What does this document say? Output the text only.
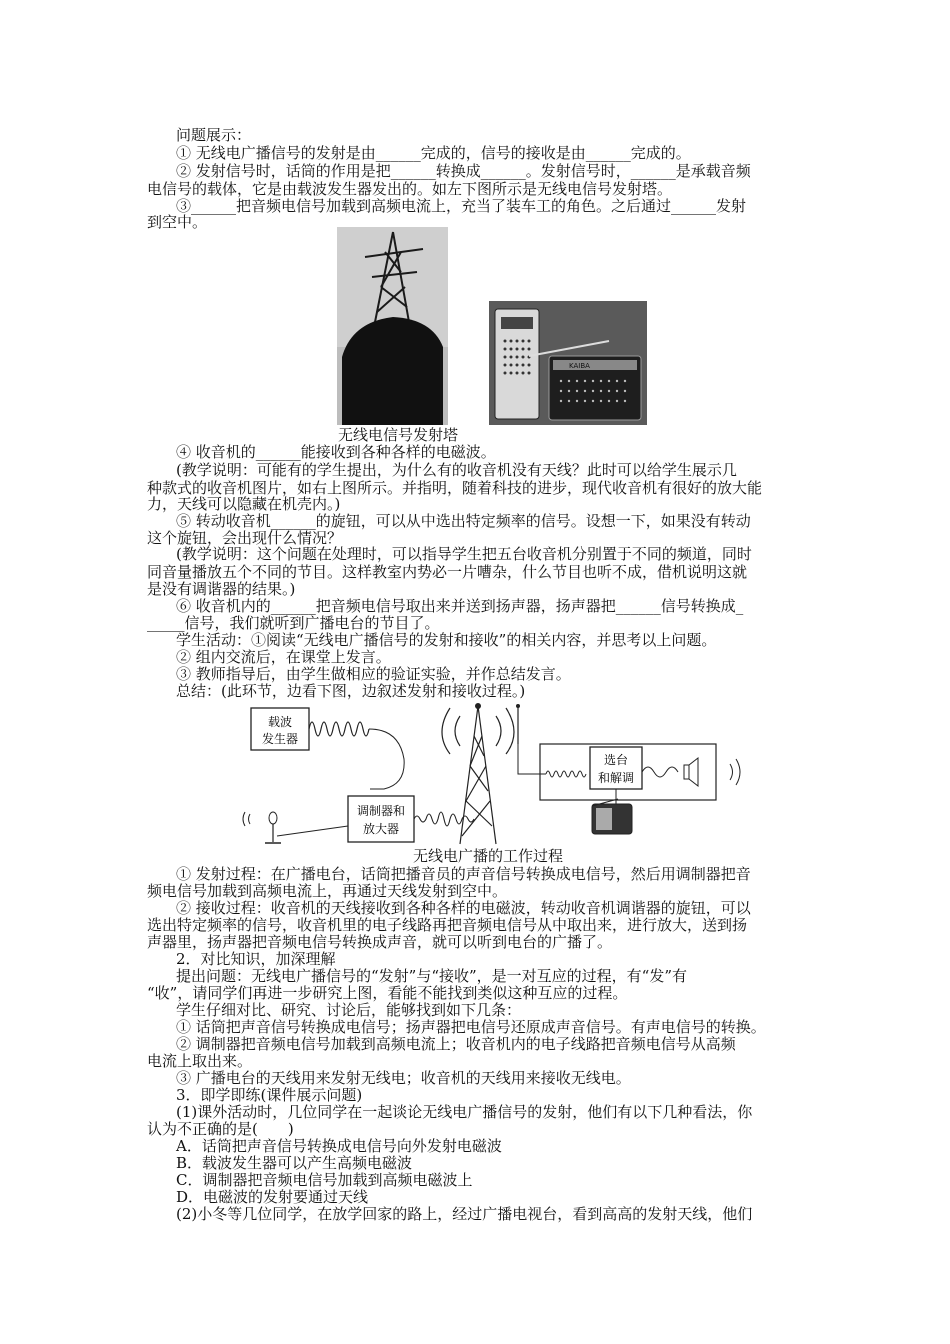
问题展示：
① 无线电广播信号的发射是由______完成的，信号的接收是由______完成的。
② 发射信号时，话筒的作用是把______转换成______。发射信号时，______是承载音频
电信号的载体，它是由载波发生器发出的。如左下图所示是无线电信号发射塔。
③______把音频电信号加载到高频电流上，充当了装车工的角色。之后通过______发射
到空中。
无线电信号发射塔
KAIBA
④ 收音机的______能接收到各种各样的电磁波。
(教学说明：可能有的学生提出，为什么有的收音机没有天线？此时可以给学生展示几
种款式的收音机图片，如右上图所示。并指明，随着科技的进步，现代收音机有很好的放大能
力，天线可以隐藏在机壳内。)
⑤ 转动收音机______的旋钮，可以从中选出特定频率的信号。设想一下，如果没有转动
这个旋钮，会出现什么情况？
(教学说明：这个问题在处理时，可以指导学生把五台收音机分别置于不同的频道，同时
同音量播放五个不同的节目。这样教室内势必一片嘈杂，什么节目也听不成，借机说明这就
是没有调谐器的结果。)
⑥ 收音机内的______把音频电信号取出来并送到扬声器，扬声器把______信号转换成_
_____信号，我们就听到广播电台的节目了。
学生活动：①阅读“无线电广播信号的发射和接收”的相关内容，并思考以上问题。
② 组内交流后，在课堂上发言。
③ 教师指导后，由学生做相应的验证实验，并作总结发言。
总结：(此环节，边看下图，边叙述发射和接收过程。)
载波
发生器
调制器和
放大器
选台
和解调
无线电广播的工作过程
① 发射过程：在广播电台，话筒把播音员的声音信号转换成电信号，然后用调制器把音
频电信号加载到高频电流上，再通过天线发射到空中。
② 接收过程：收音机的天线接收到各种各样的电磁波，转动收音机调谐器的旋钮，可以
选出特定频率的信号，收音机里的电子线路再把音频电信号从中取出来，进行放大，送到扬
声器里，扬声器把音频电信号转换成声音，就可以听到电台的广播了。
2．对比知识，加深理解
提出问题：无线电广播信号的“发射”与“接收”，是一对互应的过程，有“发”有
“收”，请同学们再进一步研究上图，看能不能找到类似这种互应的过程。
学生仔细对比、研究、讨论后，能够找到如下几条：
① 话筒把声音信号转换成电信号；扬声器把电信号还原成声音信号。有声电信号的转换。
② 调制器把音频电信号加载到高频电流上；收音机内的电子线路把音频电信号从高频
电流上取出来。
③ 广播电台的天线用来发射无线电；收音机的天线用来接收无线电。
3．即学即练(课件展示问题)
(1)课外活动时，几位同学在一起谈论无线电广播信号的发射，他们有以下几种看法，你
认为不正确的是(　　)
A．话筒把声音信号转换成电信号向外发射电磁波
B．载波发生器可以产生高频电磁波
C．调制器把音频电信号加载到高频电磁波上
D．电磁波的发射要通过天线
(2)小冬等几位同学，在放学回家的路上，经过广播电视台，看到高高的发射天线，他们
